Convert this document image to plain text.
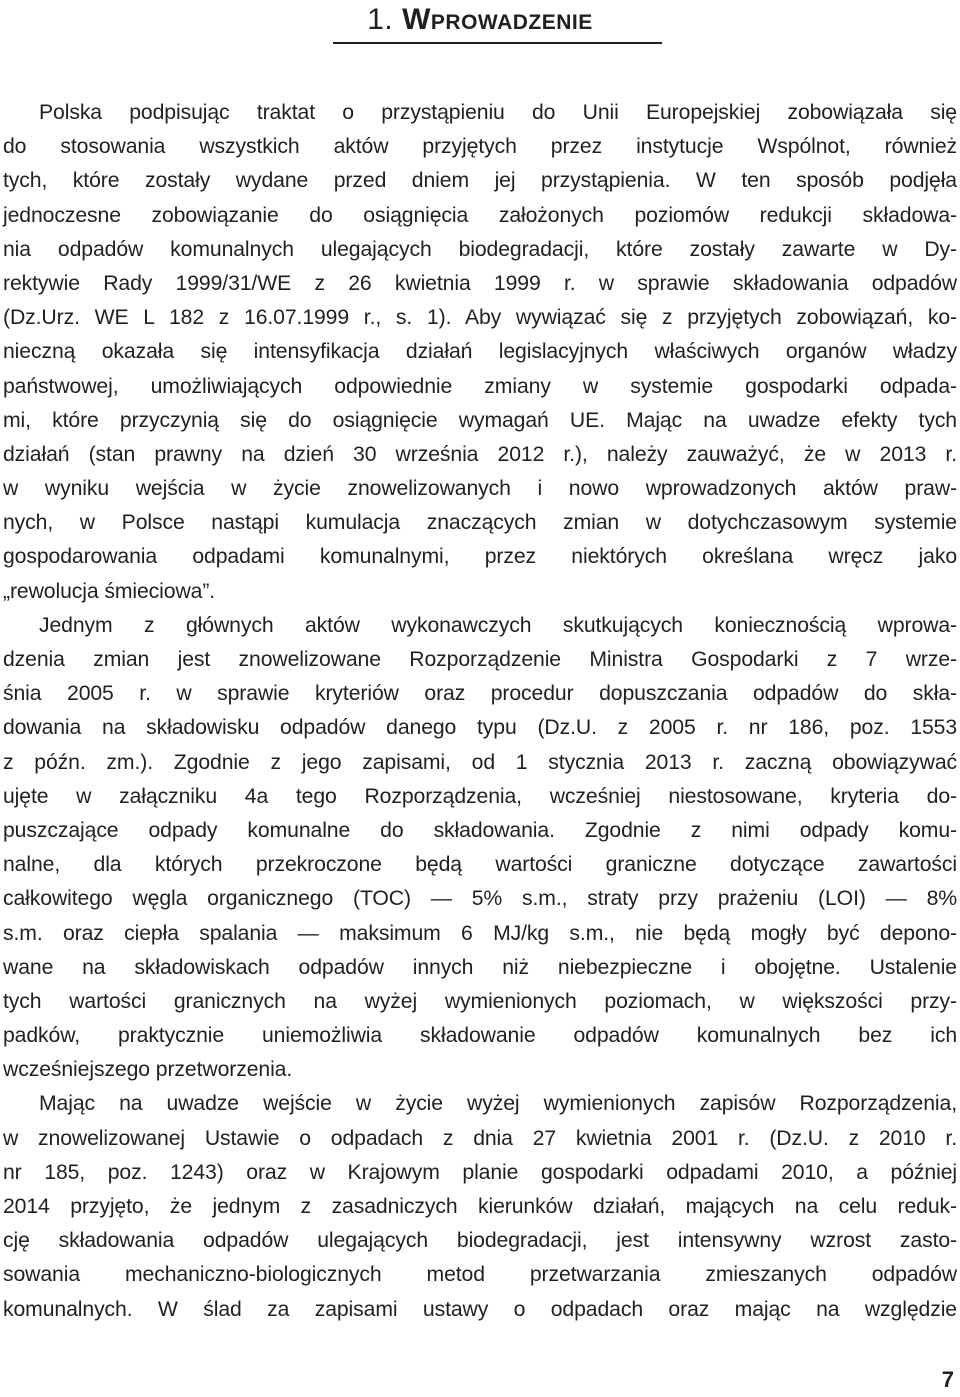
1. Wprowadzenie
Polska podpisując traktat o przystąpieniu do Unii Europejskiej zobowiązała się
do stosowania wszystkich aktów przyjętych przez instytucje Wspólnot, również
tych, które zostały wydane przed dniem jej przystąpienia. W ten sposób podjęła
jednoczesne zobowiązanie do osiągnięcia założonych poziomów redukcji składowa-
nia odpadów komunalnych ulegających biodegradacji, które zostały zawarte w Dy-
rektywie Rady 1999/31/WE z 26 kwietnia 1999 r. w sprawie składowania odpadów
(Dz.Urz. WE L 182 z 16.07.1999 r., s. 1). Aby wywiązać się z przyjętych zobowiązań, ko-
nieczną okazała się intensyfikacja działań legislacyjnych właściwych organów władzy
państwowej, umożliwiających odpowiednie zmiany w systemie gospodarki odpada-
mi, które przyczynią się do osiągnięcie wymagań UE. Mając na uwadze efekty tych
działań (stan prawny na dzień 30 września 2012 r.), należy zauważyć, że w 2013 r.
w wyniku wejścia w życie znowelizowanych i nowo wprowadzonych aktów praw-
nych, w Polsce nastąpi kumulacja znaczących zmian w dotychczasowym systemie
gospodarowania odpadami komunalnymi, przez niektórych określana wręcz jako
„rewolucja śmieciowa”.
Jednym z głównych aktów wykonawczych skutkujących koniecznością wprowa-
dzenia zmian jest znowelizowane Rozporządzenie Ministra Gospodarki z 7 wrze-
śnia 2005 r. w sprawie kryteriów oraz procedur dopuszczania odpadów do skła-
dowania na składowisku odpadów danego typu (Dz.U. z 2005 r. nr 186, poz. 1553
z późn. zm.). Zgodnie z jego zapisami, od 1 stycznia 2013 r. zaczną obowiązywać
ujęte w załączniku 4a tego Rozporządzenia, wcześniej niestosowane, kryteria do-
puszczające odpady komunalne do składowania. Zgodnie z nimi odpady komu-
nalne, dla których przekroczone będą wartości graniczne dotyczące zawartości
całkowitego węgla organicznego (TOC) — 5% s.m., straty przy prażeniu (LOI) — 8%
s.m. oraz ciepła spalania — maksimum 6 MJ/kg s.m., nie będą mogły być depono-
wane na składowiskach odpadów innych niż niebezpieczne i obojętne. Ustalenie
tych wartości granicznych na wyżej wymienionych poziomach, w większości przy-
padków, praktycznie uniemożliwia składowanie odpadów komunalnych bez ich
wcześniejszego przetworzenia.
Mając na uwadze wejście w życie wyżej wymienionych zapisów Rozporządzenia,
w znowelizowanej Ustawie o odpadach z dnia 27 kwietnia 2001 r. (Dz.U. z 2010 r.
nr 185, poz. 1243) oraz w Krajowym planie gospodarki odpadami 2010, a później
2014 przyjęto, że jednym z zasadniczych kierunków działań, mających na celu reduk-
cję składowania odpadów ulegających biodegradacji, jest intensywny wzrost zasto-
sowania mechaniczno-biologicznych metod przetwarzania zmieszanych odpadów
komunalnych. W ślad za zapisami ustawy o odpadach oraz mając na względzie
7
